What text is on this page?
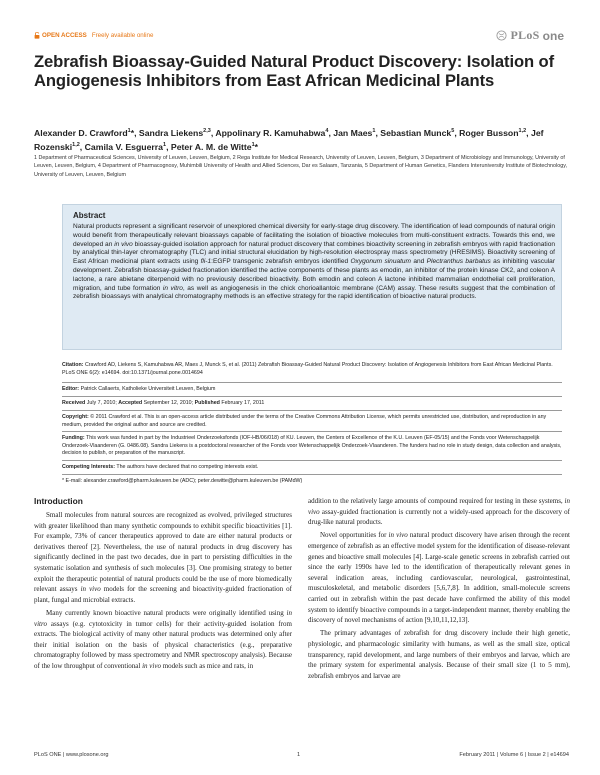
OPEN ACCESS Freely available online	PLoS one
Zebrafish Bioassay-Guided Natural Product Discovery: Isolation of Angiogenesis Inhibitors from East African Medicinal Plants
Alexander D. Crawford$^1$*, Sandra Liekens$^{2,3}$, Appolinary R. Kamuhabwa$^4$, Jan Maes$^1$, Sebastian Munck$^5$, Roger Busson$^{1,2}$, Jef Rozenski$^{1,2}$, Camila V. Esguerra$^1$, Peter A. M. de Witte$^1$*
1 Department of Pharmaceutical Sciences, University of Leuven, Leuven, Belgium, 2 Rega Institute for Medical Research, University of Leuven, Leuven, Belgium, 3 Department of Microbiology and Immunology, University of Leuven, Leuven, Belgium, 4 Department of Pharmacognosy, Muhimbili University of Health and Allied Sciences, Dar es Salaam, Tanzania, 5 Department of Human Genetics, Flanders Interuniversity Institute of Biotechnology, University of Leuven, Leuven, Belgium
Abstract
Natural products represent a significant reservoir of unexplored chemical diversity for early-stage drug discovery. The identification of lead compounds of natural origin would benefit from therapeutically relevant bioassays capable of facilitating the isolation of bioactive molecules from multi-constituent extracts. Towards this end, we developed an in vivo bioassay-guided isolation approach for natural product discovery that combines bioactivity screening in zebrafish embryos with rapid fractionation by analytical thin-layer chromatography (TLC) and initial structural elucidation by high-resolution electrospray mass spectrometry (HRESIMS). Bioactivity screening of East African medicinal plant extracts using fli-1:EGFP transgenic zebrafish embryos identified Oxygonum sinuatum and Plectranthus barbatus as inhibiting vascular development. Zebrafish bioassay-guided fractionation identified the active components of these plants as emodin, an inhibitor of the protein kinase CK2, and coleon A lactone, a rare abietane diterpenoid with no previously described bioactivity. Both emodin and coleon A lactone inhibited mammalian endothelial cell proliferation, migration, and tube formation in vitro, as well as angiogenesis in the chick chorioallantoic membrane (CAM) assay. These results suggest that the combination of zebrafish bioassays with analytical chromatography methods is an effective strategy for the rapid identification of bioactive natural products.
Citation: Crawford AD, Liekens S, Kamuhabwa AR, Maes J, Munck S, et al. (2011) Zebrafish Bioassay-Guided Natural Product Discovery: Isolation of Angiogenesis Inhibitors from East African Medicinal Plants. PLoS ONE 6(2): e14694. doi:10.1371/journal.pone.0014694
Editor: Patrick Callaerts, Katholieke Universiteit Leuven, Belgium
Received July 7, 2010; Accepted September 12, 2010; Published February 17, 2011
Copyright: © 2011 Crawford et al. This is an open-access article distributed under the terms of the Creative Commons Attribution License, which permits unrestricted use, distribution, and reproduction in any medium, provided the original author and source are credited.
Funding: This work was funded in part by the Industrieel Onderzoeksfonds (IOF-HB/06/018) of KU. Leuven, the Centers of Excellence of the K.U. Leuven (EF-05/15) and the Fonds voor Wetenschappelijk Onderzoek-Vlaanderen (G. 0486.08). Sandra Liekens is a postdoctoral researcher of the Fonds voor Wetenschappelijk Onderzoek-Vlaanderen. The funders had no role in study design, data collection and analysis, decision to publish, or preparation of the manuscript.
Competing Interests: The authors have declared that no competing interests exist.
* E-mail: alexander.crawford@pharm.kuleuven.be (ADC); peter.dewitte@pharm.kuleuven.be (PAMdW)
Introduction

Small molecules from natural sources are recognized as evolved, privileged structures with greater likelihood than many synthetic compounds to exhibit specific bioactivities [1]. For example, 73% of cancer therapeutics approved to date are either natural products or derivatives thereof [2]. Nevertheless, the use of natural products in drug discovery has significantly declined in the past two decades, due in part to persisting difficulties in the systematic isolation and synthesis of such molecules [3]. One promising strategy to better exploit the therapeutic potential of natural products could be the use of more biomedically relevant assays in vivo models for the screening and bioactivity-guided fractionation of plant, fungal and microbial extracts.

Many currently known bioactive natural products were originally identified using in vitro assays (e.g. cytotoxicity in tumor cells) for their activity-guided isolation from extracts. The biological activity of many other natural products was determined only after their initial isolation on the basis of physical characteristics (e.g., preparative chromatography followed by mass spectrometry and NMR spectroscopy analysis). Because of the low throughput of conventional in vivo models such as mice and rats, in

addition to the relatively large amounts of compound required for testing in these systems, in vivo assay-guided fractionation is currently not a widely-used approach for the discovery of drug-like natural products.

Novel opportunities for in vivo natural product discovery have arisen through the recent emergence of zebrafish as an effective model system for the identification of disease-relevant genes and bioactive small molecules [4]. Large-scale genetic screens in zebrafish carried out since the early 1990s have led to the identification of therapeutically relevant genes in several indication areas, including cardiovascular, neurological, gastrointestinal, musculoskeletal, and metabolic disorders [5,6,7,8]. In addition, small-molecule screens carried out in zebrafish within the past decade have confirmed the ability of this model system to identify bioactive compounds in a target-independent manner, thereby enabling the discovery of novel mechanisms of action [9,10,11,12,13].

The primary advantages of zebrafish for drug discovery include their high genetic, physiologic, and pharmacologic similarity with humans, as well as the small size, optical transparency, rapid development, and large numbers of their embryos and larvae, which are the primary system for experimental analysis. Because of their small size (1 to 5 mm), zebrafish embryos and larvae are

PLoS ONE | www.plosone.org	1	February 2011 | Volume 6 | Issue 2 | e14694
